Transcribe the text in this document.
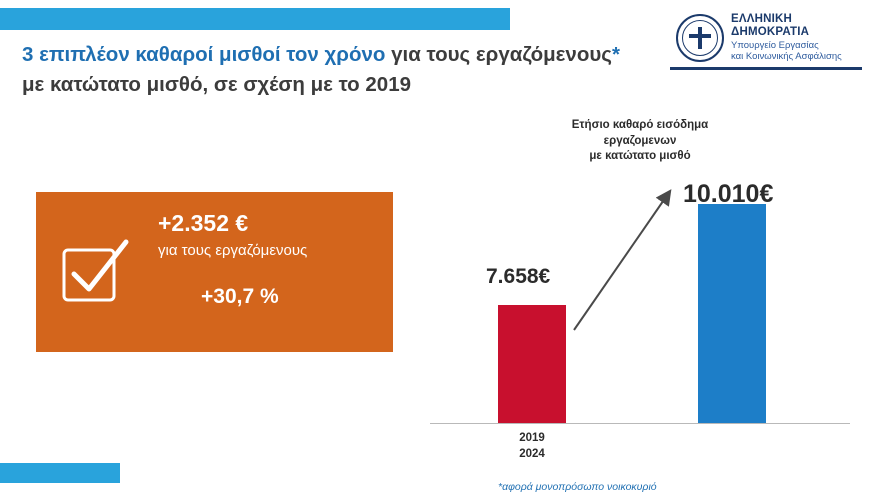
ΕΛΛΗΝΙΚΗ ΔΗΜΟΚΡΑΤΙΑ
Υπουργείο Εργασίας
και Κοινωνικής Ασφάλισης
3 επιπλέον καθαροί μισθοί τον χρόνο για τους εργαζόμενους* με κατώτατο μισθό, σε σχέση με το 2019
+2.352 €
για τους εργαζόμενους
+30,7 %
Ετήσιο καθαρό εισόδημα
εργαζομενων
με κατώτατο μισθό
7.658€
10.010€
2019
2024
*αφορά μονοπρόσωπο νοικοκυριό
